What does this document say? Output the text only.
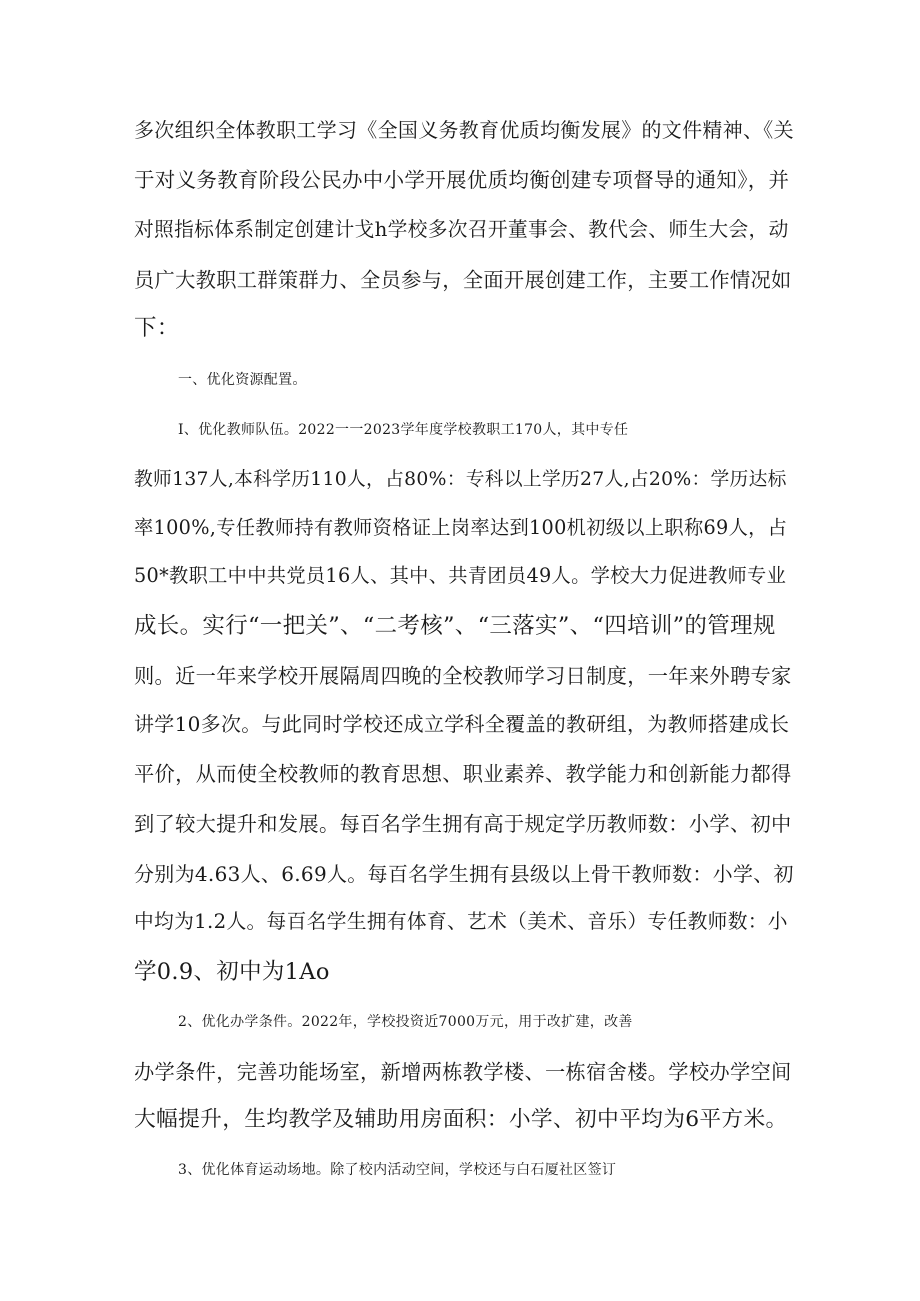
多次组织全体教职工学习《全国义务教育优质均衡发展》的文件精神、《关
于对义务教育阶段公民办中小学开展优质均衡创建专项督导的通知》，并
对照指标体系制定创建计戈h学校多次召开董事会、教代会、师生大会，动
员广大教职工群策群力、全员参与，全面开展创建工作，主要工作情况如
下：
一、优化资源配置。
I、优化教师队伍。2022一一2023学年度学校教职工170人，其中专任
教师137人,本科学历110人，占80%：专科以上学历27人,占20%：学历达标
率100%,专任教师持有教师资格证上岗率达到100机初级以上职称69人，占
50*教职工中中共党员16人、其中、共青团员49人。学校大力促进教师专业
成长。实行“一把关”、“二考核”、“三落实”、“四培训”的管理规
则。近一年来学校开展隔周四晚的全校教师学习日制度，一年来外聘专家
讲学10多次。与此同时学校还成立学科全覆盖的教研组，为教师搭建成长
平价，从而使全校教师的教育思想、职业素养、教学能力和创新能力都得
到了较大提升和发展。每百名学生拥有高于规定学历教师数：小学、初中
分别为4.63人、6.69人。每百名学生拥有县级以上骨干教师数：小学、初
中均为1.2人。每百名学生拥有体育、艺术（美术、音乐）专任教师数：小
学0.9、初中为1Ao
2、优化办学条件。2022年，学校投资近7000万元，用于改扩建，改善
办学条件，完善功能场室，新增两栋教学楼、一栋宿舍楼。学校办学空间
大幅提升，生均教学及辅助用房面积：小学、初中平均为6平方米。
3、优化体育运动场地。除了校内活动空间，学校还与白石厦社区签订
